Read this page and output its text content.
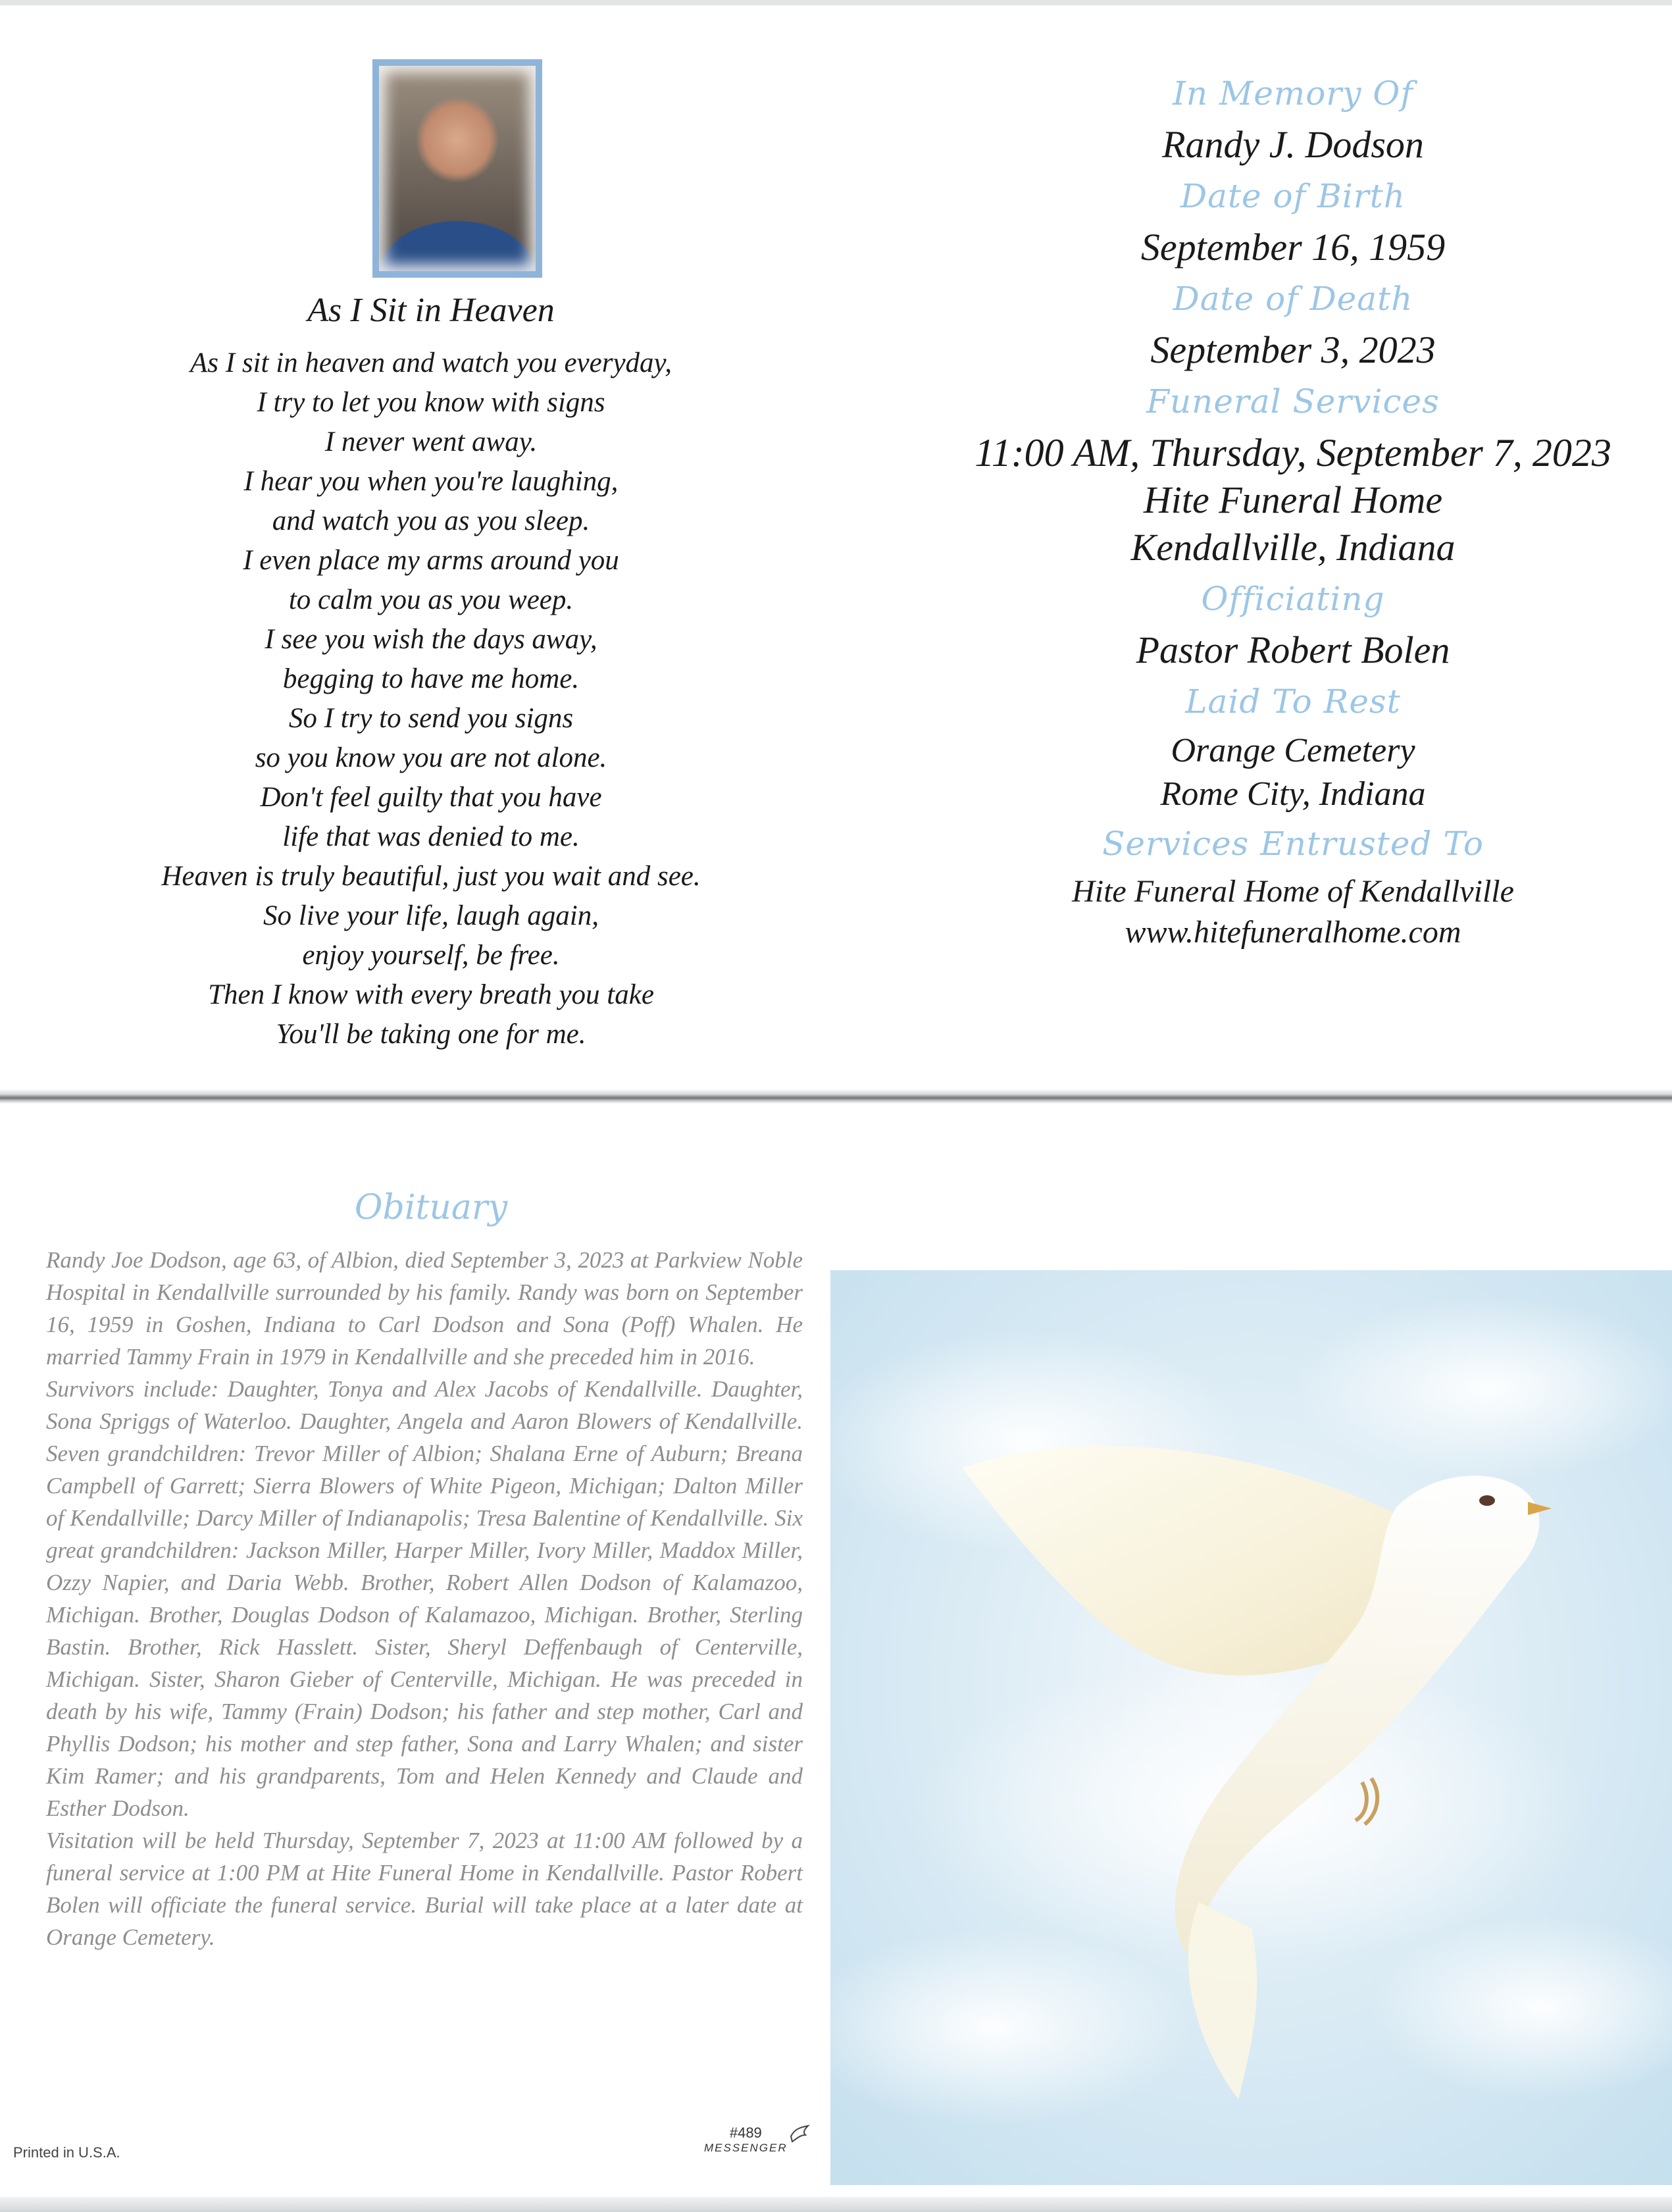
As I Sit in Heaven
As I sit in heaven and watch you everyday,
I try to let you know with signs
I never went away.
I hear you when you're laughing,
and watch you as you sleep.
I even place my arms around you
to calm you as you weep.
I see you wish the days away,
begging to have me home.
So I try to send you signs
so you know you are not alone.
Don't feel guilty that you have
life that was denied to me.
Heaven is truly beautiful, just you wait and see.
So live your life, laugh again,
enjoy yourself, be free.
Then I know with every breath you take
You'll be taking one for me.
In Memory Of
Randy J. Dodson
Date of Birth
September 16, 1959
Date of Death
September 3, 2023
Funeral Services
11:00 AM, Thursday, September 7, 2023
Hite Funeral Home
Kendallville, Indiana
Officiating
Pastor Robert Bolen
Laid To Rest
Orange Cemetery
Rome City, Indiana
Services Entrusted To
Hite Funeral Home of Kendallville
www.hitefuneralhome.com
Obituary

Randy Joe Dodson, age 63, of Albion, died September 3, 2023 at Parkview Noble Hospital in Kendallville surrounded by his family. Randy was born on September 16, 1959 in Goshen, Indiana to Carl Dodson and Sona (Poff) Whalen. He married Tammy Frain in 1979 in Kendallville and she preceded him in 2016.

Survivors include: Daughter, Tonya and Alex Jacobs of Kendallville. Daughter, Sona Spriggs of Waterloo. Daughter, Angela and Aaron Blowers of Kendallville. Seven grandchildren: Trevor Miller of Albion; Shalana Erne of Auburn; Breana Campbell of Garrett; Sierra Blowers of White Pigeon, Michigan; Dalton Miller of Kendallville; Darcy Miller of Indianapolis; Tresa Balentine of Kendallville. Six great grandchildren: Jackson Miller, Harper Miller, Ivory Miller, Maddox Miller, Ozzy Napier, and Daria Webb. Brother, Robert Allen Dodson of Kalamazoo, Michigan. Brother, Douglas Dodson of Kalamazoo, Michigan. Brother, Sterling Bastin. Brother, Rick Hasslett. Sister, Sheryl Deffenbaugh of Centerville, Michigan. Sister, Sharon Gieber of Centerville, Michigan. He was preceded in death by his wife, Tammy (Frain) Dodson; his father and step mother, Carl and Phyllis Dodson; his mother and step father, Sona and Larry Whalen; and sister Kim Ramer; and his grandparents, Tom and Helen Kennedy and Claude and Esther Dodson.

Visitation will be held Thursday, September 7, 2023 at 11:00 AM followed by a funeral service at 1:00 PM at Hite Funeral Home in Kendallville. Pastor Robert Bolen will officiate the funeral service. Burial will take place at a later date at Orange Cemetery.

Printed in U.S.A.
#489
MESSENGER
